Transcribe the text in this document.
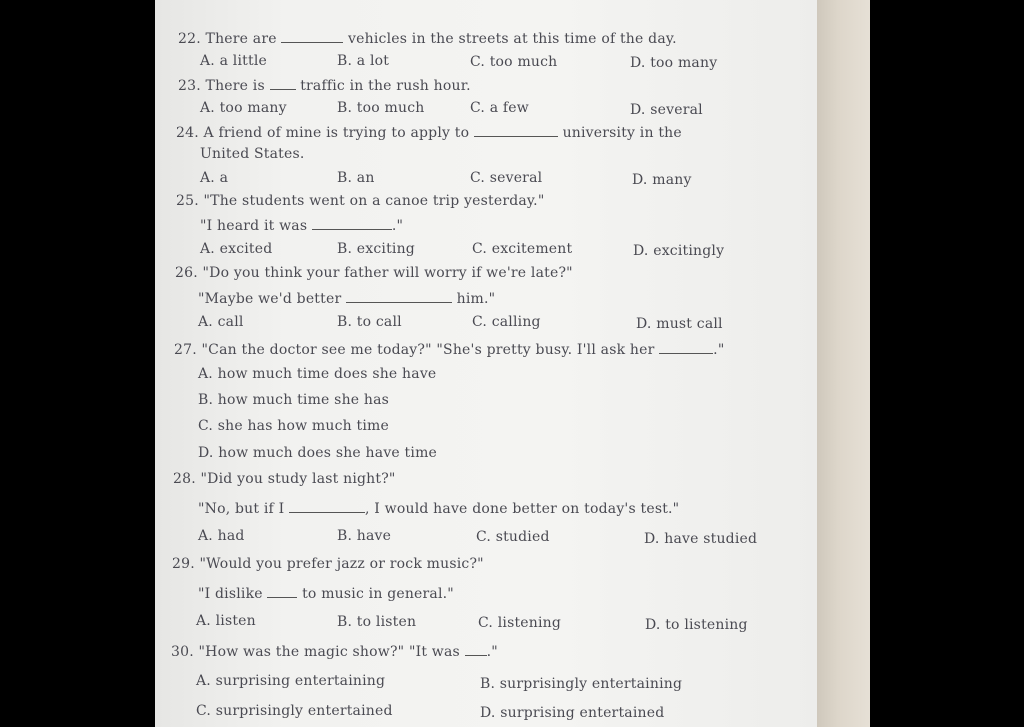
22. There are	vehicles in the streets at this time of the day.
A. a little	B. a lot	C. too much	D. too many
23. There is	traffic in the rush hour.
A. too many	B. too much	C. a few	D. several
24. A friend of mine is trying to apply to	university in the
United States.
A. a	B. an	C. several	D. many
25. "The students went on a canoe trip yesterday."
"I heard it was	."
A. excited	B. exciting	C. excitement	D. excitingly
26. "Do you think your father will worry if we're late?"
"Maybe we'd better	him."
A. call	B. to call	C. calling	D. must call
27. "Can the doctor see me today?" "She's pretty busy. I'll ask her	."
A. how much time does she have
B. how much time she has
C. she has how much time
D. how much does she have time
28. "Did you study last night?"
"No, but if I	, I would have done better on today's test."
A. had	B. have	C. studied	D. have studied
29. "Would you prefer jazz or rock music?"
"I dislike	to music in general."
A. listen	B. to listen	C. listening	D. to listening
30. "How was the magic show?" "It was ."
A. surprising entertaining	B. surprisingly entertaining
C. surprisingly entertained	D. surprising entertained
